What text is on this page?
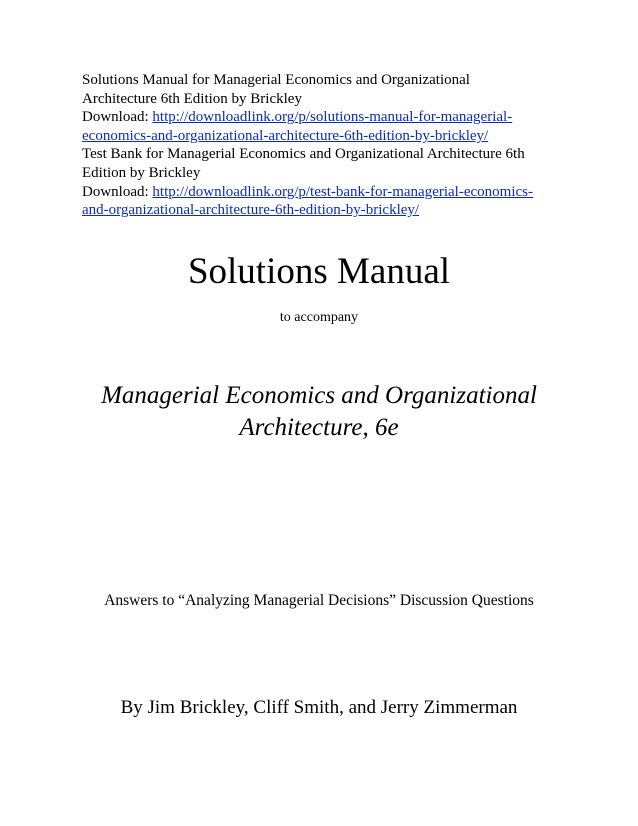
Solutions Manual for Managerial Economics and Organizational
Architecture 6th Edition by Brickley
Download: http://downloadlink.org/p/solutions-manual-for-managerial-
economics-and-organizational-architecture-6th-edition-by-brickley/
Test Bank for Managerial Economics and Organizational Architecture 6th
Edition by Brickley
Download: http://downloadlink.org/p/test-bank-for-managerial-economics-
and-organizational-architecture-6th-edition-by-brickley/
Solutions Manual
to accompany
Managerial Economics and Organizational
Architecture, 6e
Answers to “Analyzing Managerial Decisions” Discussion Questions
By Jim Brickley, Cliff Smith, and Jerry Zimmerman
